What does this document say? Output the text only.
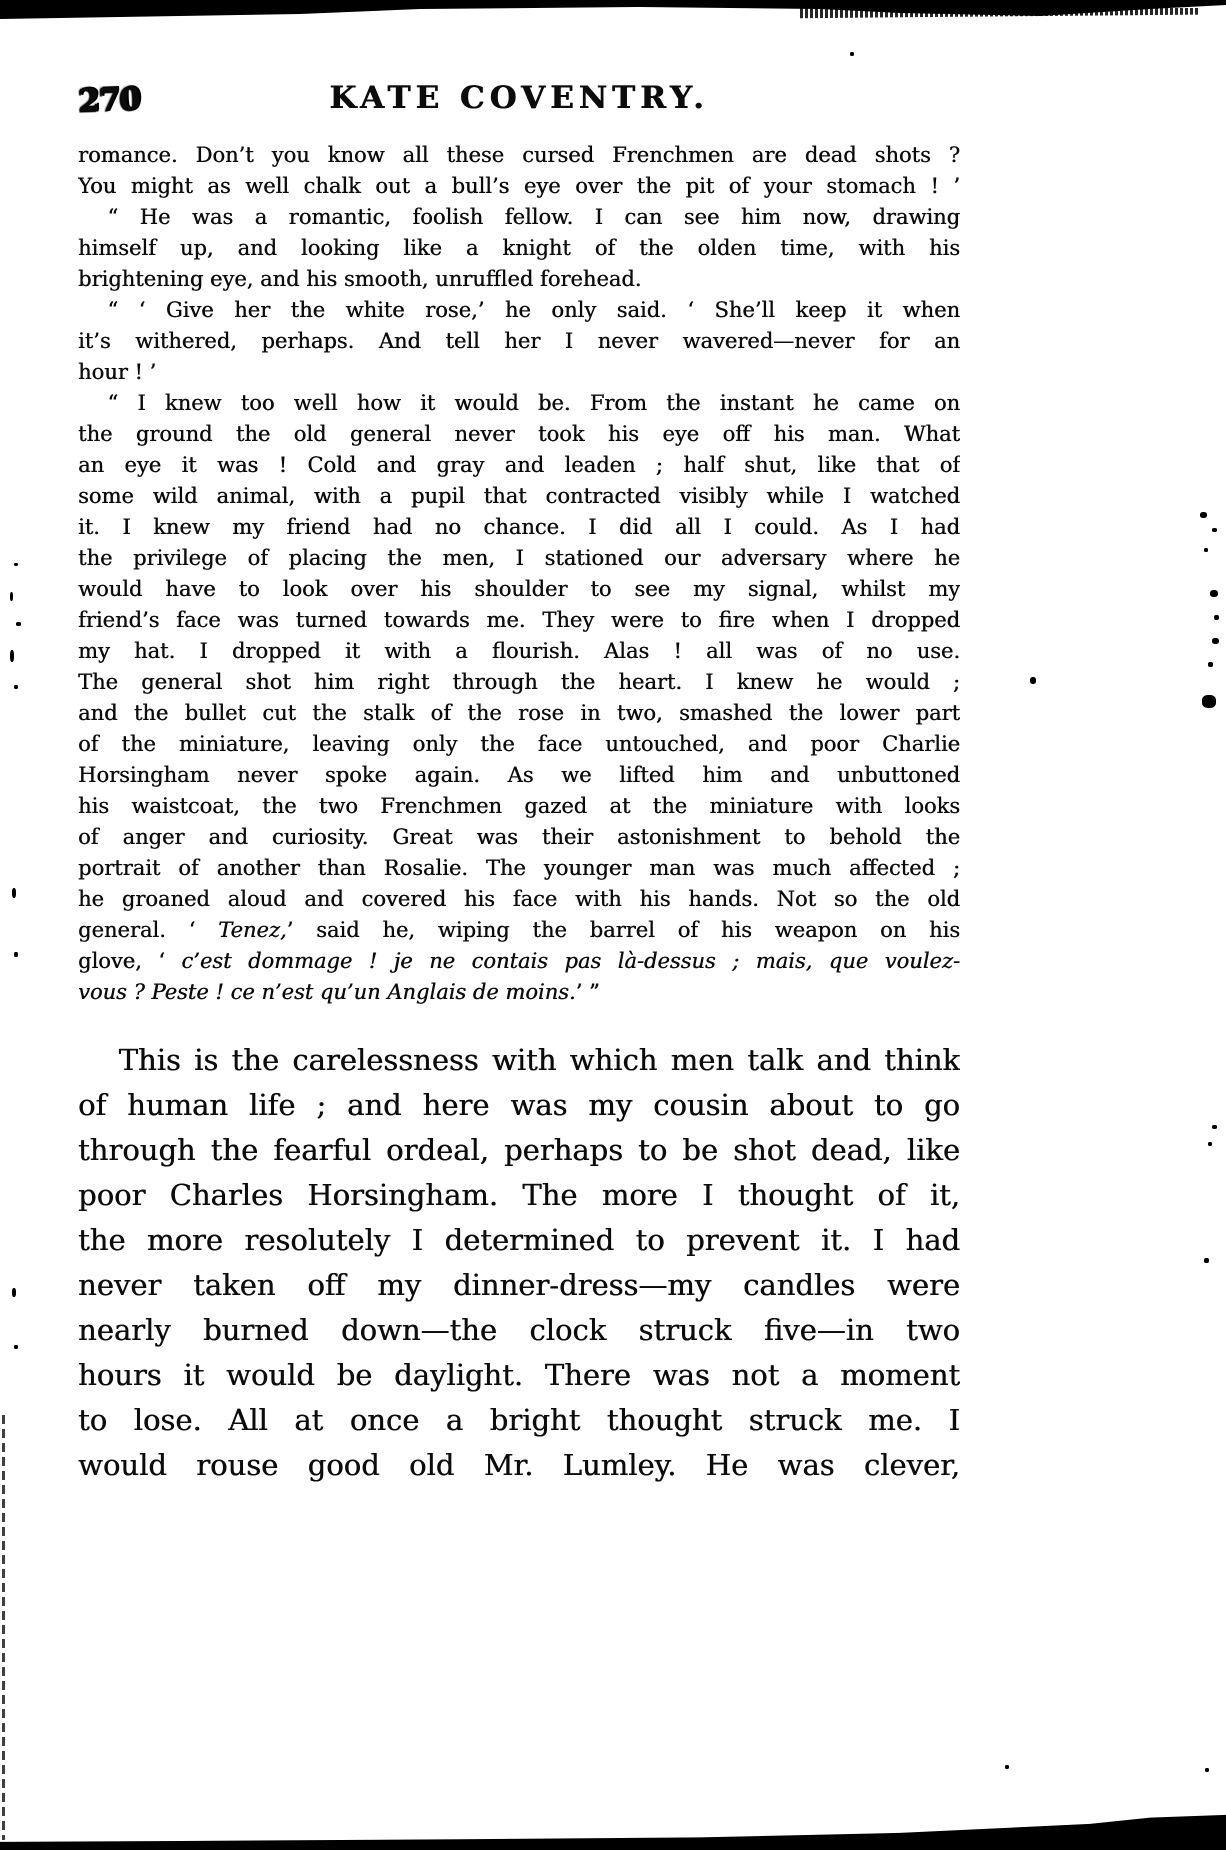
270	KATE COVENTRY.
romance. Don’t you know all these cursed Frenchmen are dead shots ?
You might as well chalk out a bull’s eye over the pit of your stomach ! ’
“ He was a romantic, foolish fellow. I can see him now, drawing
himself up, and looking like a knight of the olden time, with his
brightening eye, and his smooth, unruffled forehead.
“ ‘ Give her the white rose,’ he only said. ‘ She’ll keep it when
it’s withered, perhaps. And tell her I never wavered—never for an
hour ! ’
“ I knew too well how it would be. From the instant he came on
the ground the old general never took his eye off his man. What
an eye it was ! Cold and gray and leaden ; half shut, like that of
some wild animal, with a pupil that contracted visibly while I watched
it. I knew my friend had no chance. I did all I could. As I had
the privilege of placing the men, I stationed our adversary where he
would have to look over his shoulder to see my signal, whilst my
friend’s face was turned towards me. They were to fire when I dropped
my hat. I dropped it with a flourish. Alas ! all was of no use.
The general shot him right through the heart. I knew he would ;
and the bullet cut the stalk of the rose in two, smashed the lower part
of the miniature, leaving only the face untouched, and poor Charlie
Horsingham never spoke again. As we lifted him and unbuttoned
his waistcoat, the two Frenchmen gazed at the miniature with looks
of anger and curiosity. Great was their astonishment to behold the
portrait of another than Rosalie. The younger man was much affected ;
he groaned aloud and covered his face with his hands. Not so the old
general. ‘ Tenez,’ said he, wiping the barrel of his weapon on his
glove, ‘ c’est dommage ! je ne contais pas là-dessus ; mais, que voulez-
vous ? Peste ! ce n’est qu’un Anglais de moins.’ ”
This is the carelessness with which men talk and think
of human life ; and here was my cousin about to go
through the fearful ordeal, perhaps to be shot dead, like
poor Charles Horsingham. The more I thought of it,
the more resolutely I determined to prevent it. I had
never taken off my dinner-dress—my candles were
nearly burned down—the clock struck five—in two
hours it would be daylight. There was not a moment
to lose. All at once a bright thought struck me. I
would rouse good old Mr. Lumley. He was clever,
